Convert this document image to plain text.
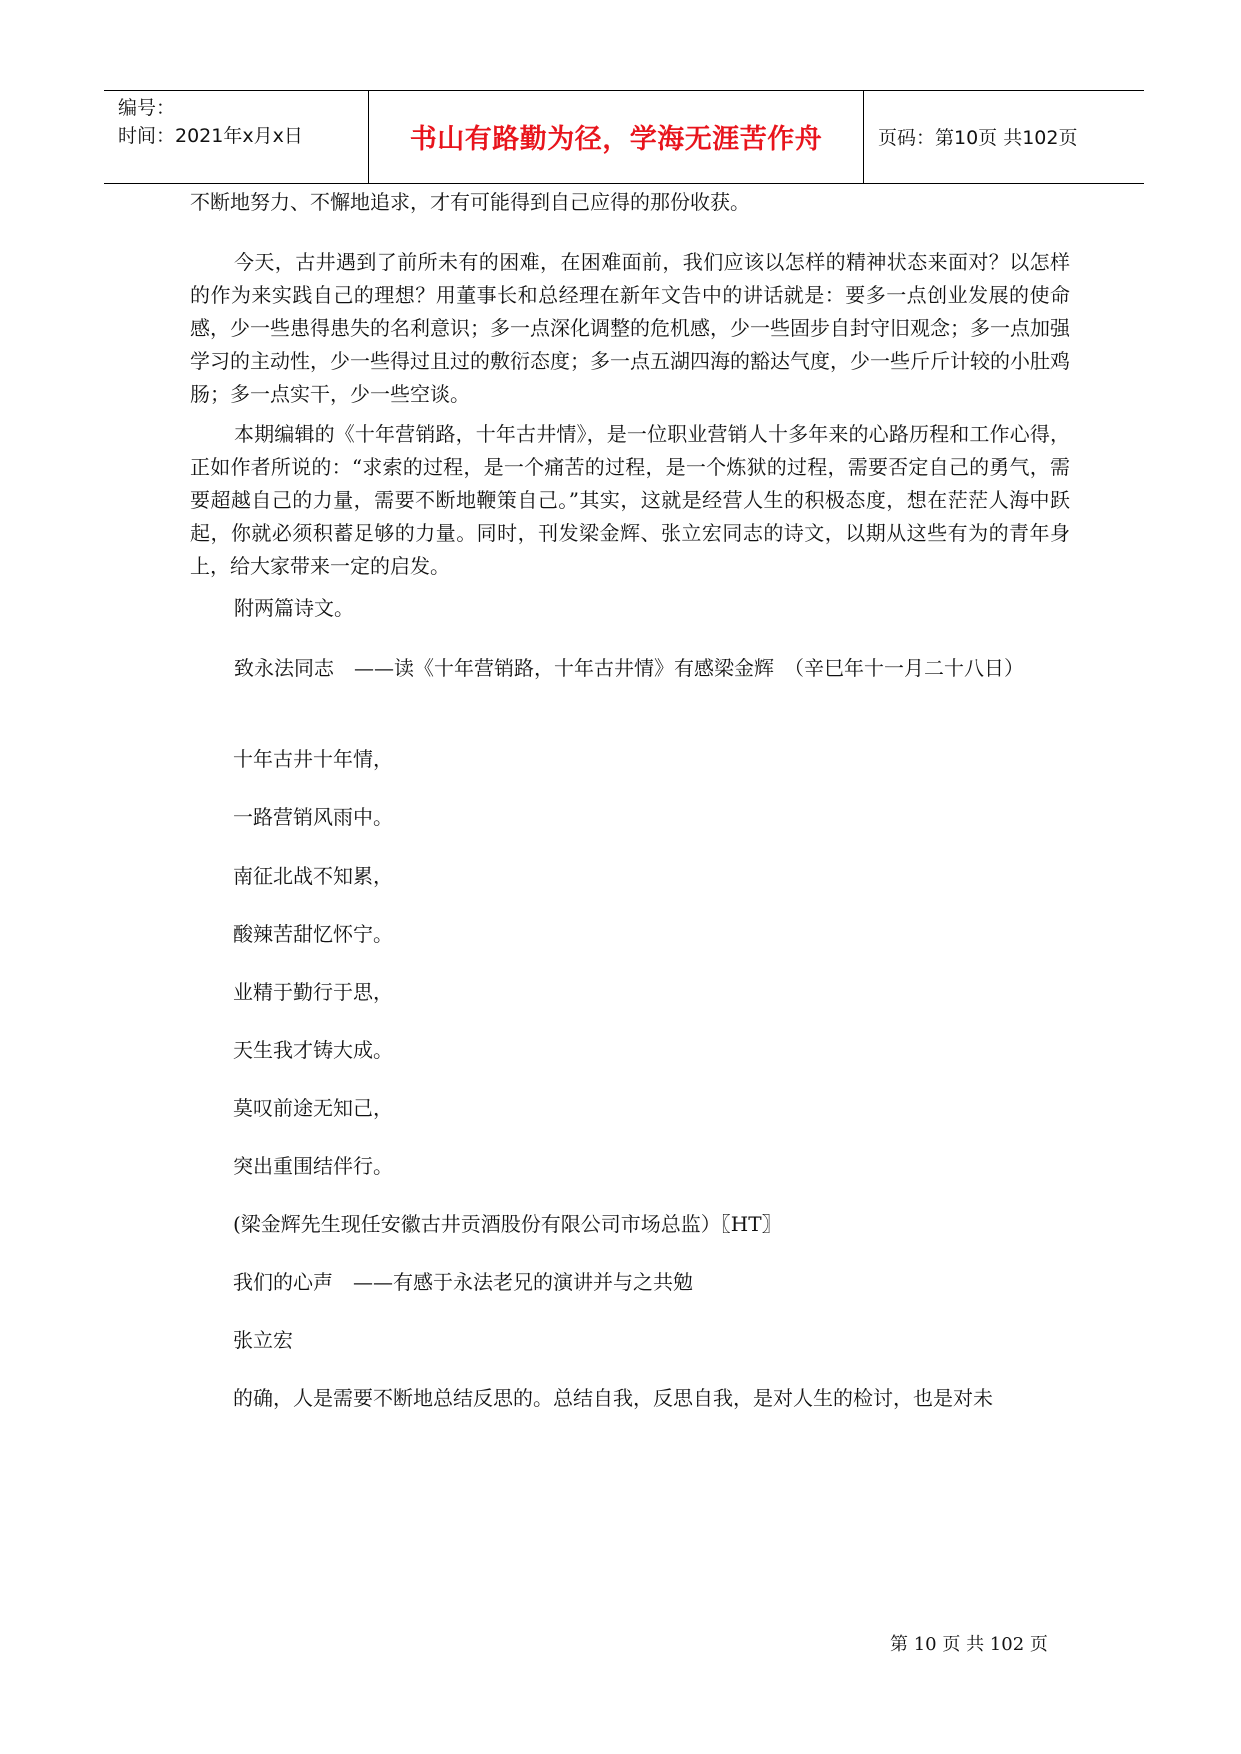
编号：
时间：2021年x月x日	书山有路勤为径，学海无涯苦作舟	页码：第10页 共102页

不断地努力、不懈地追求，才有可能得到自己应得的那份收获。

今天，古井遇到了前所未有的困难，在困难面前，我们应该以怎样的精神状态来面对？以怎样的作为来实践自己的理想？用董事长和总经理在新年文告中的讲话就是：要多一点创业发展的使命感，少一些患得患失的名利意识；多一点深化调整的危机感，少一些固步自封守旧观念；多一点加强学习的主动性，少一些得过且过的敷衍态度；多一点五湖四海的豁达气度，少一些斤斤计较的小肚鸡肠；多一点实干，少一些空谈。

本期编辑的《十年营销路，十年古井情》，是一位职业营销人十多年来的心路历程和工作心得，正如作者所说的：“求索的过程，是一个痛苦的过程，是一个炼狱的过程，需要否定自己的勇气，需要超越自己的力量，需要不断地鞭策自己。”其实，这就是经营人生的积极态度，想在茫茫人海中跃起，你就必须积蓄足够的力量。同时，刊发梁金辉、张立宏同志的诗文，以期从这些有为的青年身上，给大家带来一定的启发。

附两篇诗文。

致永法同志　——读《十年营销路，十年古井情》有感梁金辉　（辛巳年十一月二十八日）

十年古井十年情，

一路营销风雨中。

南征北战不知累，

酸辣苦甜忆怀宁。

业精于勤行于思，

天生我才铸大成。

莫叹前途无知己，

突出重围结伴行。

(梁金辉先生现任安徽古井贡酒股份有限公司市场总监）〖HT〗

我们的心声　——有感于永法老兄的演讲并与之共勉

张立宏

的确，人是需要不断地总结反思的。总结自我，反思自我，是对人生的检讨，也是对未

第 10 页 共 102 页
